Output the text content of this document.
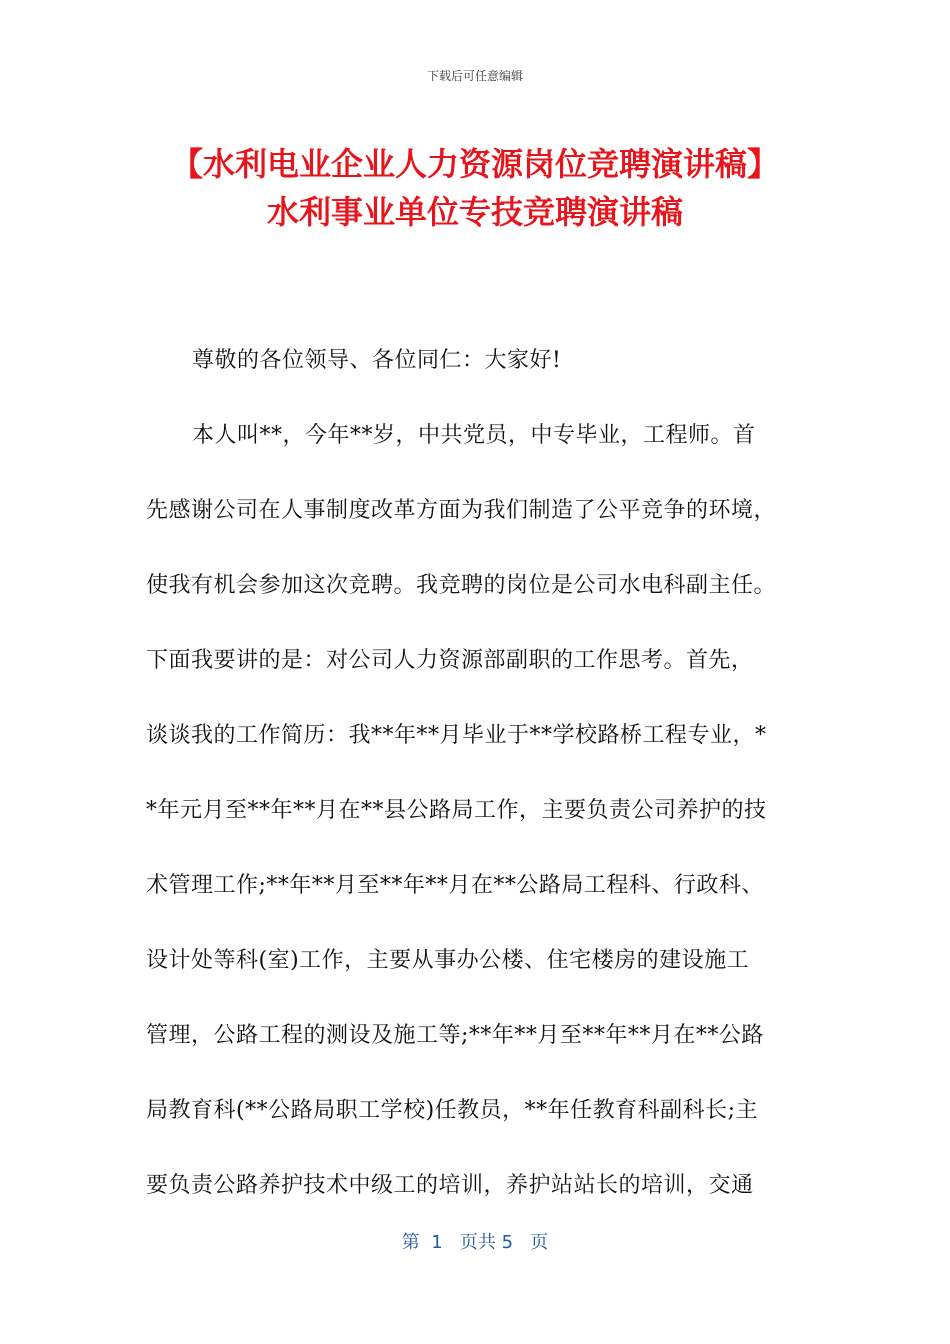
下载后可任意编辑
【水利电业企业人力资源岗位竞聘演讲稿】
水利事业单位专技竞聘演讲稿
尊敬的各位领导、各位同仁：大家好!
本人叫**，今年**岁，中共党员，中专毕业，工程师。首
先感谢公司在人事制度改革方面为我们制造了公平竞争的环境，
使我有机会参加这次竞聘。我竞聘的岗位是公司水电科副主任。
下面我要讲的是：对公司人力资源部副职的工作思考。首先，
谈谈我的工作简历：我**年**月毕业于**学校路桥工程专业，*
*年元月至**年**月在**县公路局工作，主要负责公司养护的技
术管理工作;**年**月至**年**月在**公路局工程科、行政科、
设计处等科(室)工作，主要从事办公楼、住宅楼房的建设施工
管理，公路工程的测设及施工等;**年**月至**年**月在**公路
局教育科(**公路局职工学校)任教员，**年任教育科副科长;主
要负责公路养护技术中级工的培训，养护站站长的培训，交通
第  1   页共 5   页
